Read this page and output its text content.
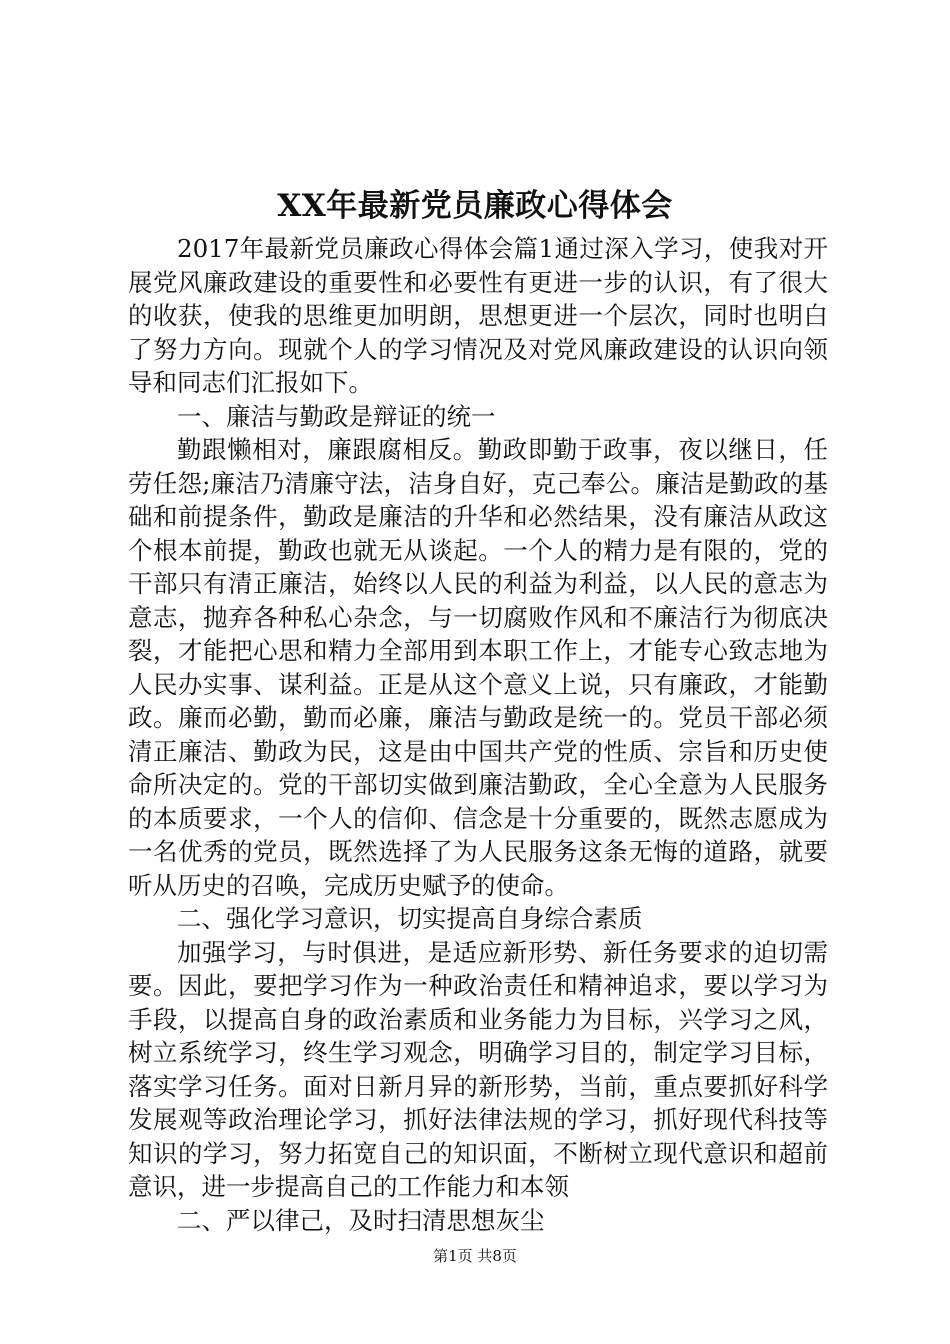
XX年最新党员廉政心得体会

2017年最新党员廉政心得体会篇1通过深入学习，使我对开展党风廉政建设的重要性和必要性有更进一步的认识，有了很大的收获，使我的思维更加明朗，思想更进一个层次，同时也明白了努力方向。现就个人的学习情况及对党风廉政建设的认识向领导和同志们汇报如下。

一、廉洁与勤政是辩证的统一

勤跟懒相对，廉跟腐相反。勤政即勤于政事，夜以继日，任劳任怨;廉洁乃清廉守法，洁身自好，克己奉公。廉洁是勤政的基础和前提条件，勤政是廉洁的升华和必然结果，没有廉洁从政这个根本前提，勤政也就无从谈起。一个人的精力是有限的，党的干部只有清正廉洁，始终以人民的利益为利益，以人民的意志为意志，抛弃各种私心杂念，与一切腐败作风和不廉洁行为彻底决裂，才能把心思和精力全部用到本职工作上，才能专心致志地为人民办实事、谋利益。正是从这个意义上说，只有廉政，才能勤政。廉而必勤，勤而必廉，廉洁与勤政是统一的。党员干部必须清正廉洁、勤政为民，这是由中国共产党的性质、宗旨和历史使命所决定的。党的干部切实做到廉洁勤政，全心全意为人民服务的本质要求，一个人的信仰、信念是十分重要的，既然志愿成为一名优秀的党员，既然选择了为人民服务这条无悔的道路，就要听从历史的召唤，完成历史赋予的使命。

二、强化学习意识，切实提高自身综合素质

加强学习，与时俱进，是适应新形势、新任务要求的迫切需要。因此，要把学习作为一种政治责任和精神追求，要以学习为手段，以提高自身的政治素质和业务能力为目标，兴学习之风，树立系统学习，终生学习观念，明确学习目的，制定学习目标，落实学习任务。面对日新月异的新形势，当前，重点要抓好科学发展观等政治理论学习，抓好法律法规的学习，抓好现代科技等知识的学习，努力拓宽自己的知识面，不断树立现代意识和超前意识，进一步提高自己的工作能力和本领

二、严以律己，及时扫清思想灰尘

第1页 共8页
